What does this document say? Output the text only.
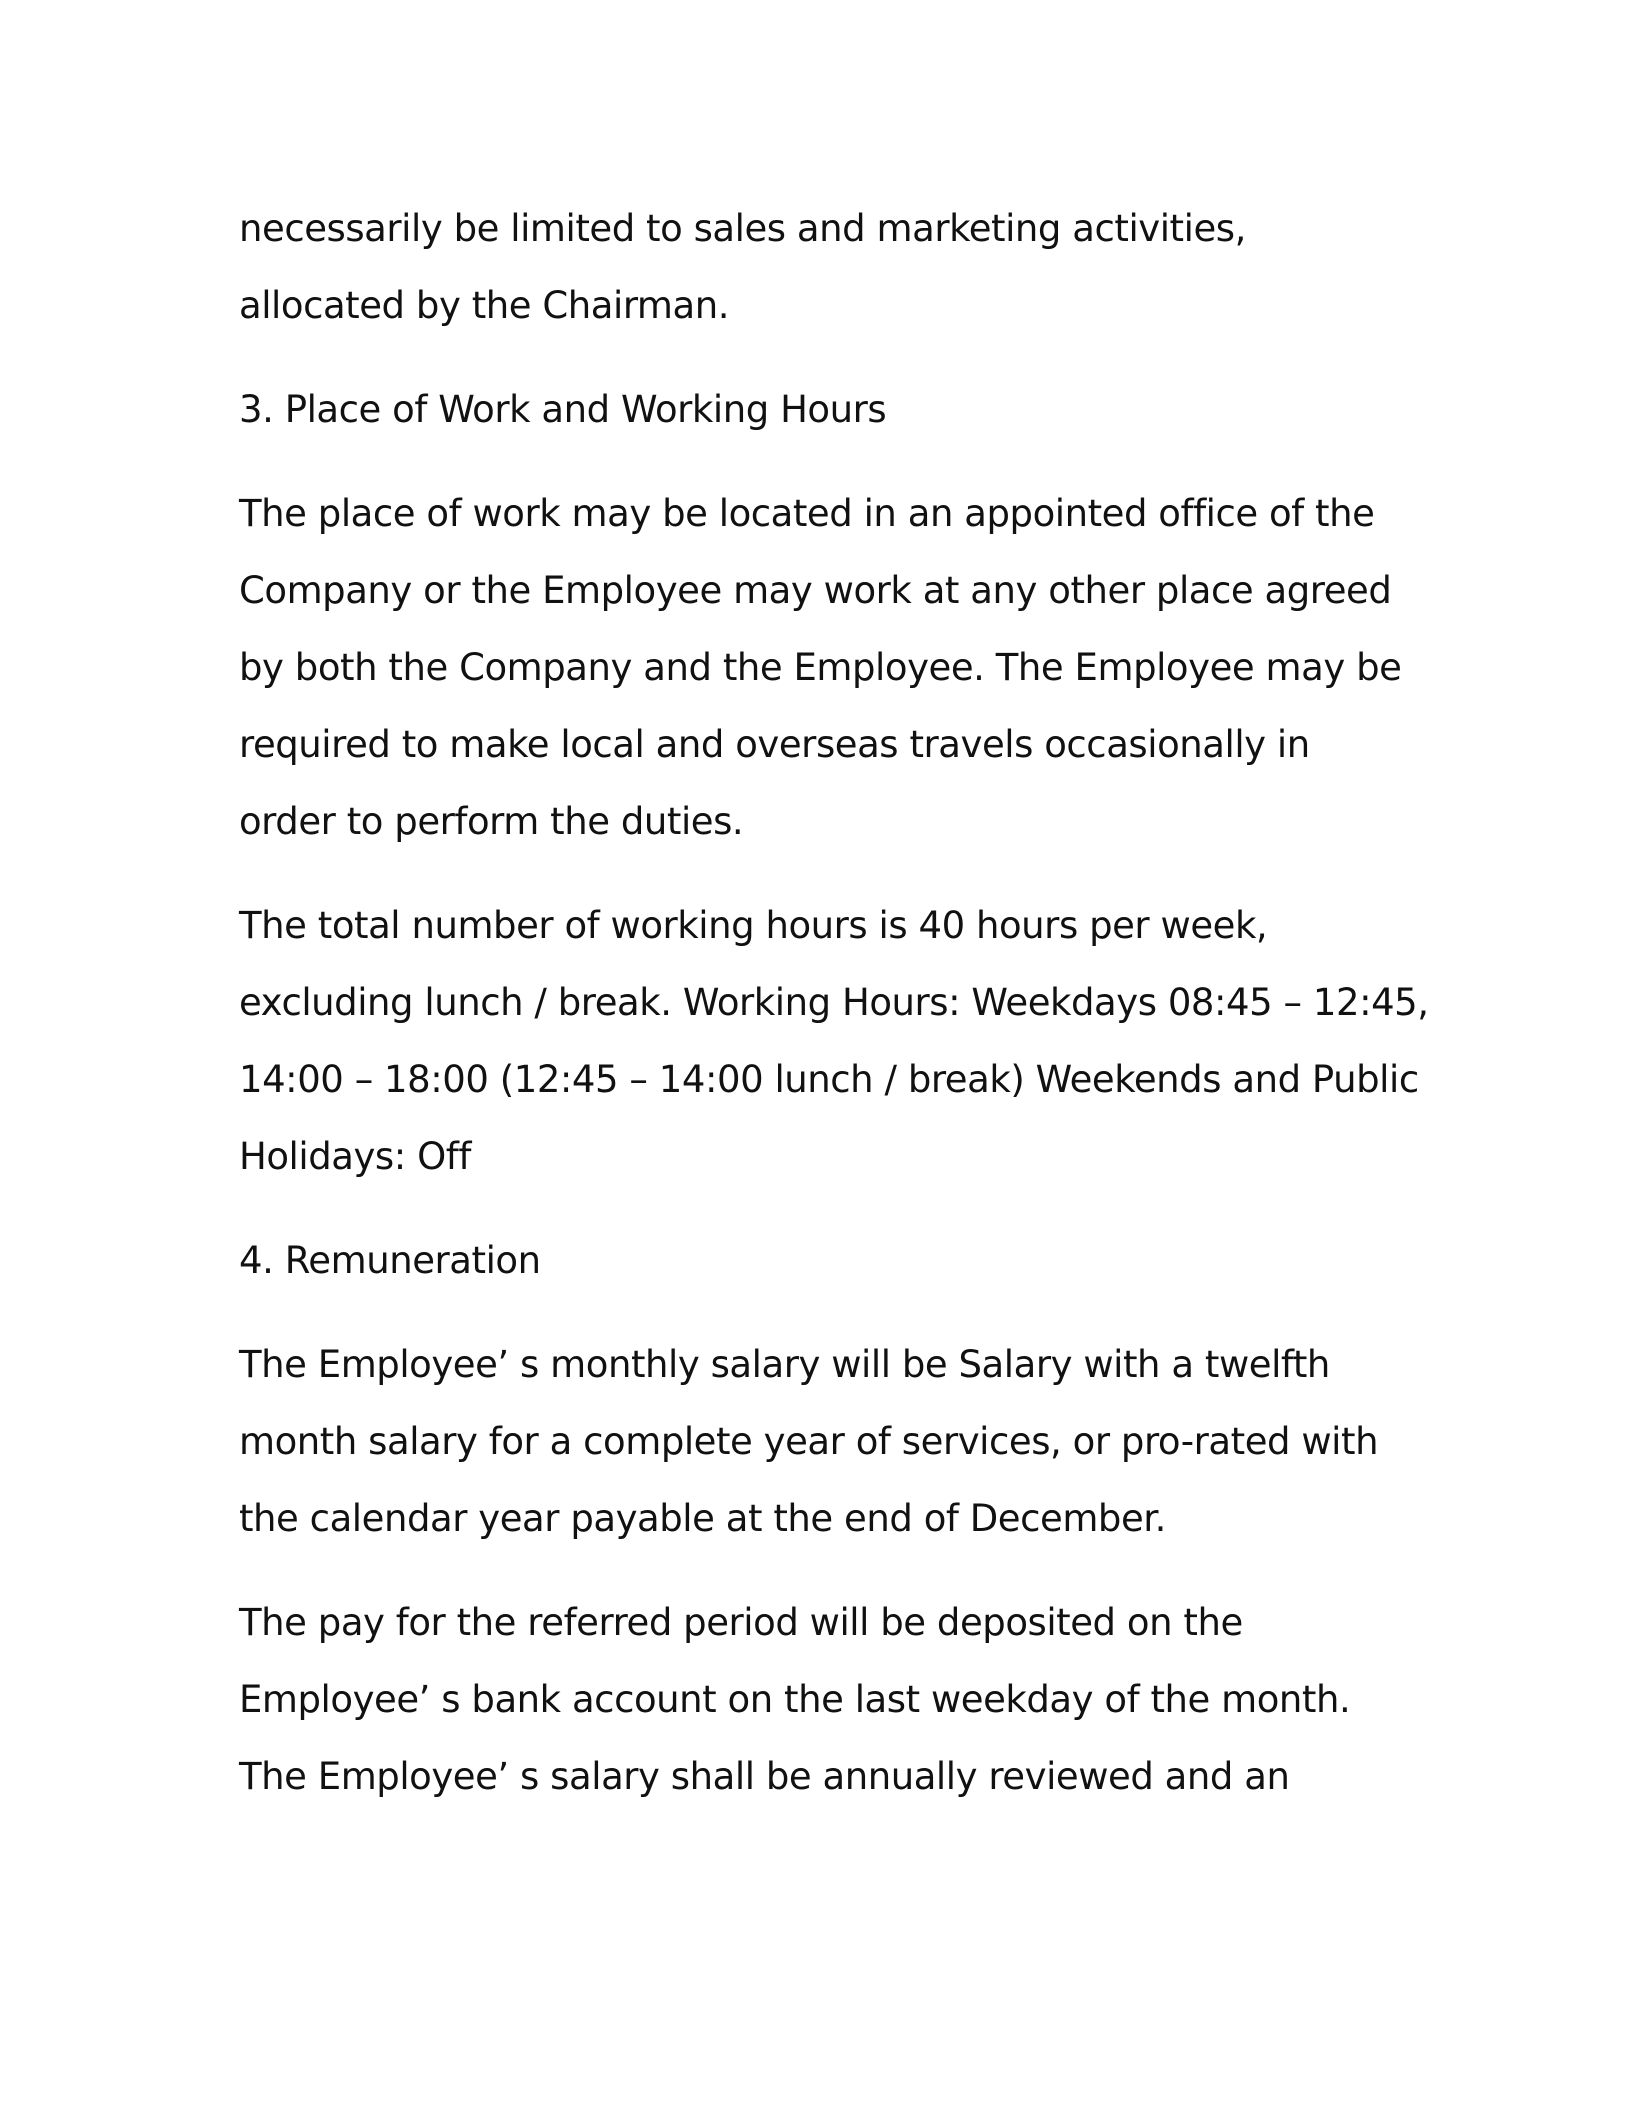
necessarily be limited to sales and marketing activities,
allocated by the Chairman.
3. Place of Work and Working Hours
The place of work may be located in an appointed office of the
Company or the Employee may work at any other place agreed
by both the Company and the Employee. The Employee may be
required to make local and overseas travels occasionally in
order to perform the duties.
The total number of working hours is 40 hours per week,
excluding lunch / break. Working Hours: Weekdays 08:45 – 12:45,
14:00 – 18:00 (12:45 – 14:00 lunch / break) Weekends and Public
Holidays: Off
4. Remuneration
The Employee’ s monthly salary will be Salary with a twelfth
month salary for a complete year of services, or pro-rated with
the calendar year payable at the end of December.
The pay for the referred period will be deposited on the
Employee’ s bank account on the last weekday of the month.
The Employee’ s salary shall be annually reviewed and an
